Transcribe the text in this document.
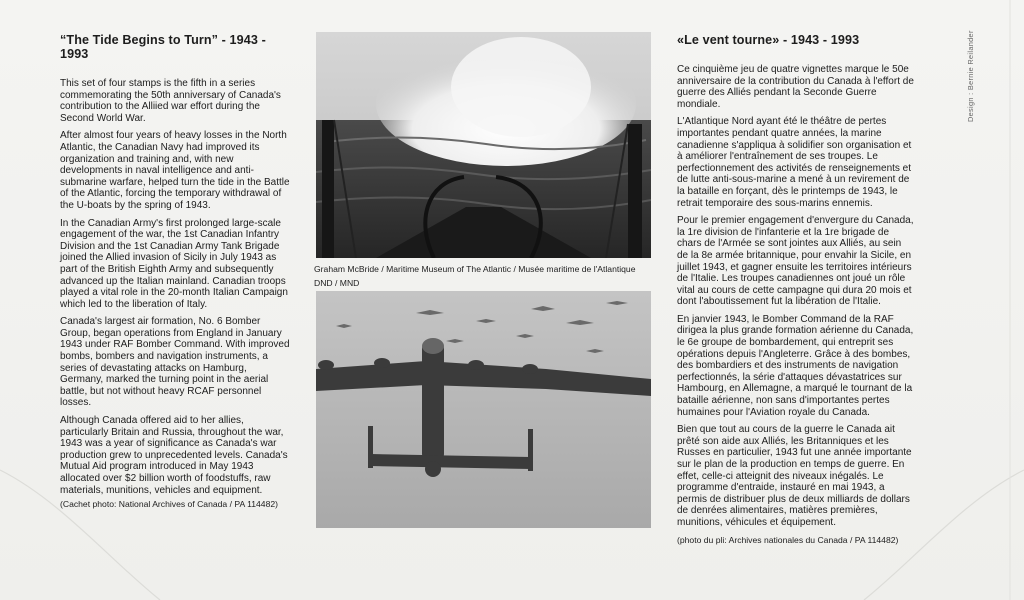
“The Tide Begins to Turn” - 1943 - 1993

This set of four stamps is the fifth in a series commemorating the 50th anniversary of Canada's contribution to the Alliied war effort during the Second World War.

After almost four years of heavy losses in the North Atlantic, the Canadian Navy had improved its organization and training and, with new developments in naval intelligence and anti-submarine warfare, helped turn the tide in the Battle of the Atlantic, forcing the temporary withdrawal of the U-boats by the spring of 1943.

In the Canadian Army's first prolonged large-scale engagement of the war, the 1st Canadian Infantry Division and the 1st Canadian Army Tank Brigade joined the Allied invasion of Sicily in July 1943 as part of the British Eighth Army and subsequently advanced up the Italian mainland. Canadian troops played a vital role in the 20-month Italian Campaign which led to the liberation of Italy.

Canada's largest air formation, No. 6 Bomber Group, began operations from England in January 1943 under RAF Bomber Command. With improved bombs, bombers and navigation instruments, a series of devastating attacks on Hamburg, Germany, marked the turning point in the aerial battle, but not without heavy RCAF personnel losses.

Although Canada offered aid to her allies, particularly Britain and Russia, throughout the war, 1943 was a year of significance as Canada's war production grew to unprecedented levels. Canada's Mutual Aid program introduced in May 1943 allocated over $2 billion worth of foodstuffs, raw materials, munitions, vehicles and equipment.

(Cachet photo: National Archives of Canada / PA 114482)

Graham McBride / Maritime Museum of The Atlantic / Musée maritime de l'Atlantique
DND / MND
«Le vent tourne» - 1943 - 1993

Ce cinquième jeu de quatre vignettes marque le 50e anniversaire de la contribution du Canada à l'effort de guerre des Alliés pendant la Seconde Guerre mondiale.

L'Atlantique Nord ayant été le théâtre de pertes importantes pendant quatre années, la marine canadienne s'appliqua à solidifier son organisation et à améliorer l'entraînement de ses troupes. Le perfectionnement des activités de renseignements et de lutte anti-sous-marine a mené à un revirement de la bataille en forçant, dès le printemps de 1943, le retrait temporaire des sous-marins ennemis.

Pour le premier engagement d'envergure du Canada, la 1re division de l'infanterie et la 1re brigade de chars de l'Armée se sont jointes aux Alliés, au sein de la 8e armée britannique, pour envahir la Sicile, en juillet 1943, et gagner ensuite les territoires intérieurs de l'Italie. Les troupes canadiennes ont joué un rôle vital au cours de cette campagne qui dura 20 mois et dont l'aboutissement fut la libération de l'Italie.

En janvier 1943, le Bomber Command de la RAF dirigea la plus grande formation aérienne du Canada, le 6e groupe de bombardement, qui entreprit ses opérations depuis l'Angleterre. Grâce à des bombes, des bombardiers et des instruments de navigation perfectionnés, la série d'attaques dévastatrices sur Hambourg, en Allemagne, a marqué le tournant de la bataille aérienne, non sans d'importantes pertes humaines pour l'Aviation royale du Canada.

Bien que tout au cours de la guerre le Canada ait prêté son aide aux Alliés, les Britanniques et les Russes en particulier, 1943 fut une année importante sur le plan de la production en temps de guerre. En effet, celle-ci atteignit des niveaux inégalés. Le programme d'entraide, instauré en mai 1943, a permis de distribuer plus de deux milliards de dollars de denrées alimentaires, matières premières, munitions, véhicules et équipement.

(photo du pli: Archives nationales du Canada / PA 114482)

Design : Bernie Reilander
